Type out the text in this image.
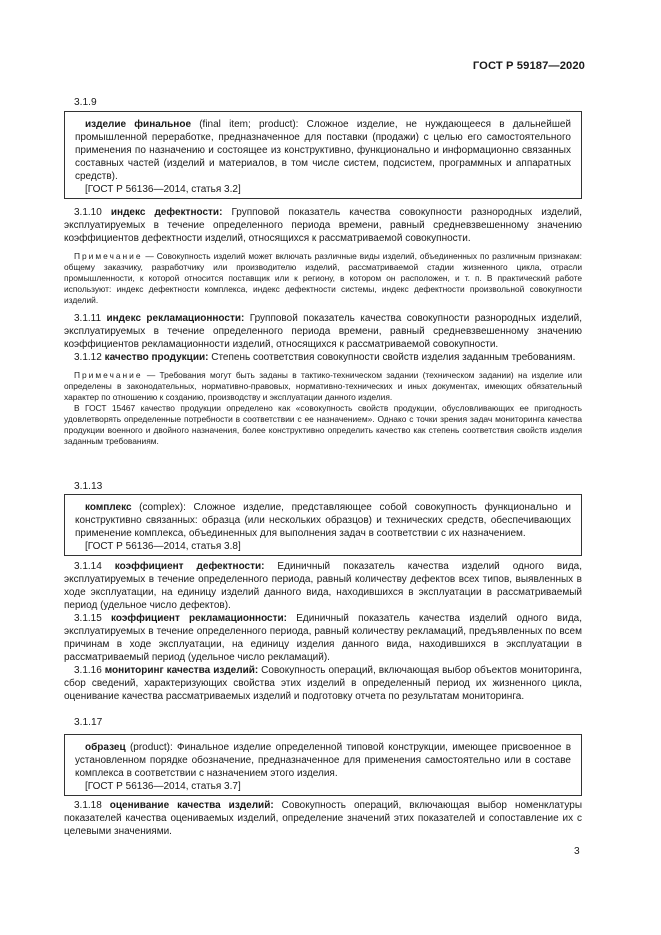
ГОСТ Р 59187—2020
3.1.9

изделие финальное (final item; product): Сложное изделие, не нуждающееся в дальнейшей промышленной переработке, предназначенное для поставки (продажи) с целью его самостоятельного применения по назначению и состоящее из конструктивно, функционально и информационно связанных составных частей (изделий и материалов, в том числе систем, подсистем, программных и аппаратных средств).

[ГОСТ Р 56136—2014, статья 3.2]

3.1.10 индекс дефектности: Групповой показатель качества совокупности разнородных изделий, эксплуатируемых в течение определенного периода времени, равный средневзвешенному значению коэффициентов дефектности изделий, относящихся к рассматриваемой совокупности.

Примечание — Совокупность изделий может включать различные виды изделий, объединенных по различным признакам: общему заказчику, разработчику или производителю изделий, рассматриваемой стадии жизненного цикла, отрасли промышленности, к которой относится поставщик или к региону, в котором он расположен, и т. п. В практический работе используют: индекс дефектности комплекса, индекс дефектности системы, индекс дефектности произвольной совокупности изделий.

3.1.11 индекс рекламационности: Групповой показатель качества совокупности разнородных изделий, эксплуатируемых в течение определенного периода времени, равный средневзвешенному значению коэффициентов рекламационности изделий, относящихся к рассматриваемой совокупности.

3.1.12 качество продукции: Степень соответствия совокупности свойств изделия заданным требованиям.

Примечание — Требования могут быть заданы в тактико-техническом задании (техническом задании) на изделие или определены в законодательных, нормативно-правовых, нормативно-технических и иных документах, имеющих обязательный характер по отношению к созданию, производству и эксплуатации данного изделия.

В ГОСТ 15467 качество продукции определено как «совокупность свойств продукции, обусловливающих ее пригодность удовлетворять определенные потребности в соответствии с ее назначением». Однако с точки зрения задач мониторинга качества продукции военного и двойного назначения, более конструктивно определить качество как степень соответствия свойств изделия заданным требованиям.

3.1.13

комплекс (complex): Сложное изделие, представляющее собой совокупность функционально и конструктивно связанных: образца (или нескольких образцов) и технических средств, обеспечивающих применение комплекса, объединенных для выполнения задач в соответствии с их назначением.

[ГОСТ Р 56136—2014, статья 3.8]

3.1.14 коэффициент дефектности: Единичный показатель качества изделий одного вида, эксплуатируемых в течение определенного периода, равный количеству дефектов всех типов, выявленных в ходе эксплуатации, на единицу изделий данного вида, находившихся в эксплуатации в рассматриваемый период (удельное число дефектов).

3.1.15 коэффициент рекламационности: Единичный показатель качества изделий одного вида, эксплуатируемых в течение определенного периода, равный количеству рекламаций, предъявленных по всем причинам в ходе эксплуатации, на единицу изделия данного вида, находившихся в эксплуатации в рассматриваемый период (удельное число рекламаций).

3.1.16 мониторинг качества изделий: Совокупность операций, включающая выбор объектов мониторинга, сбор сведений, характеризующих свойства этих изделий в определенный период их жизненного цикла, оценивание качества рассматриваемых изделий и подготовку отчета по результатам мониторинга.

3.1.17

образец (product): Финальное изделие определенной типовой конструкции, имеющее присвоенное в установленном порядке обозначение, предназначенное для применения самостоятельно или в составе комплекса в соответствии с назначением этого изделия.

[ГОСТ Р 56136—2014, статья 3.7]

3.1.18 оценивание качества изделий: Совокупность операций, включающая выбор номенклатуры показателей качества оцениваемых изделий, определение значений этих показателей и сопоставление их с целевыми значениями.

3
